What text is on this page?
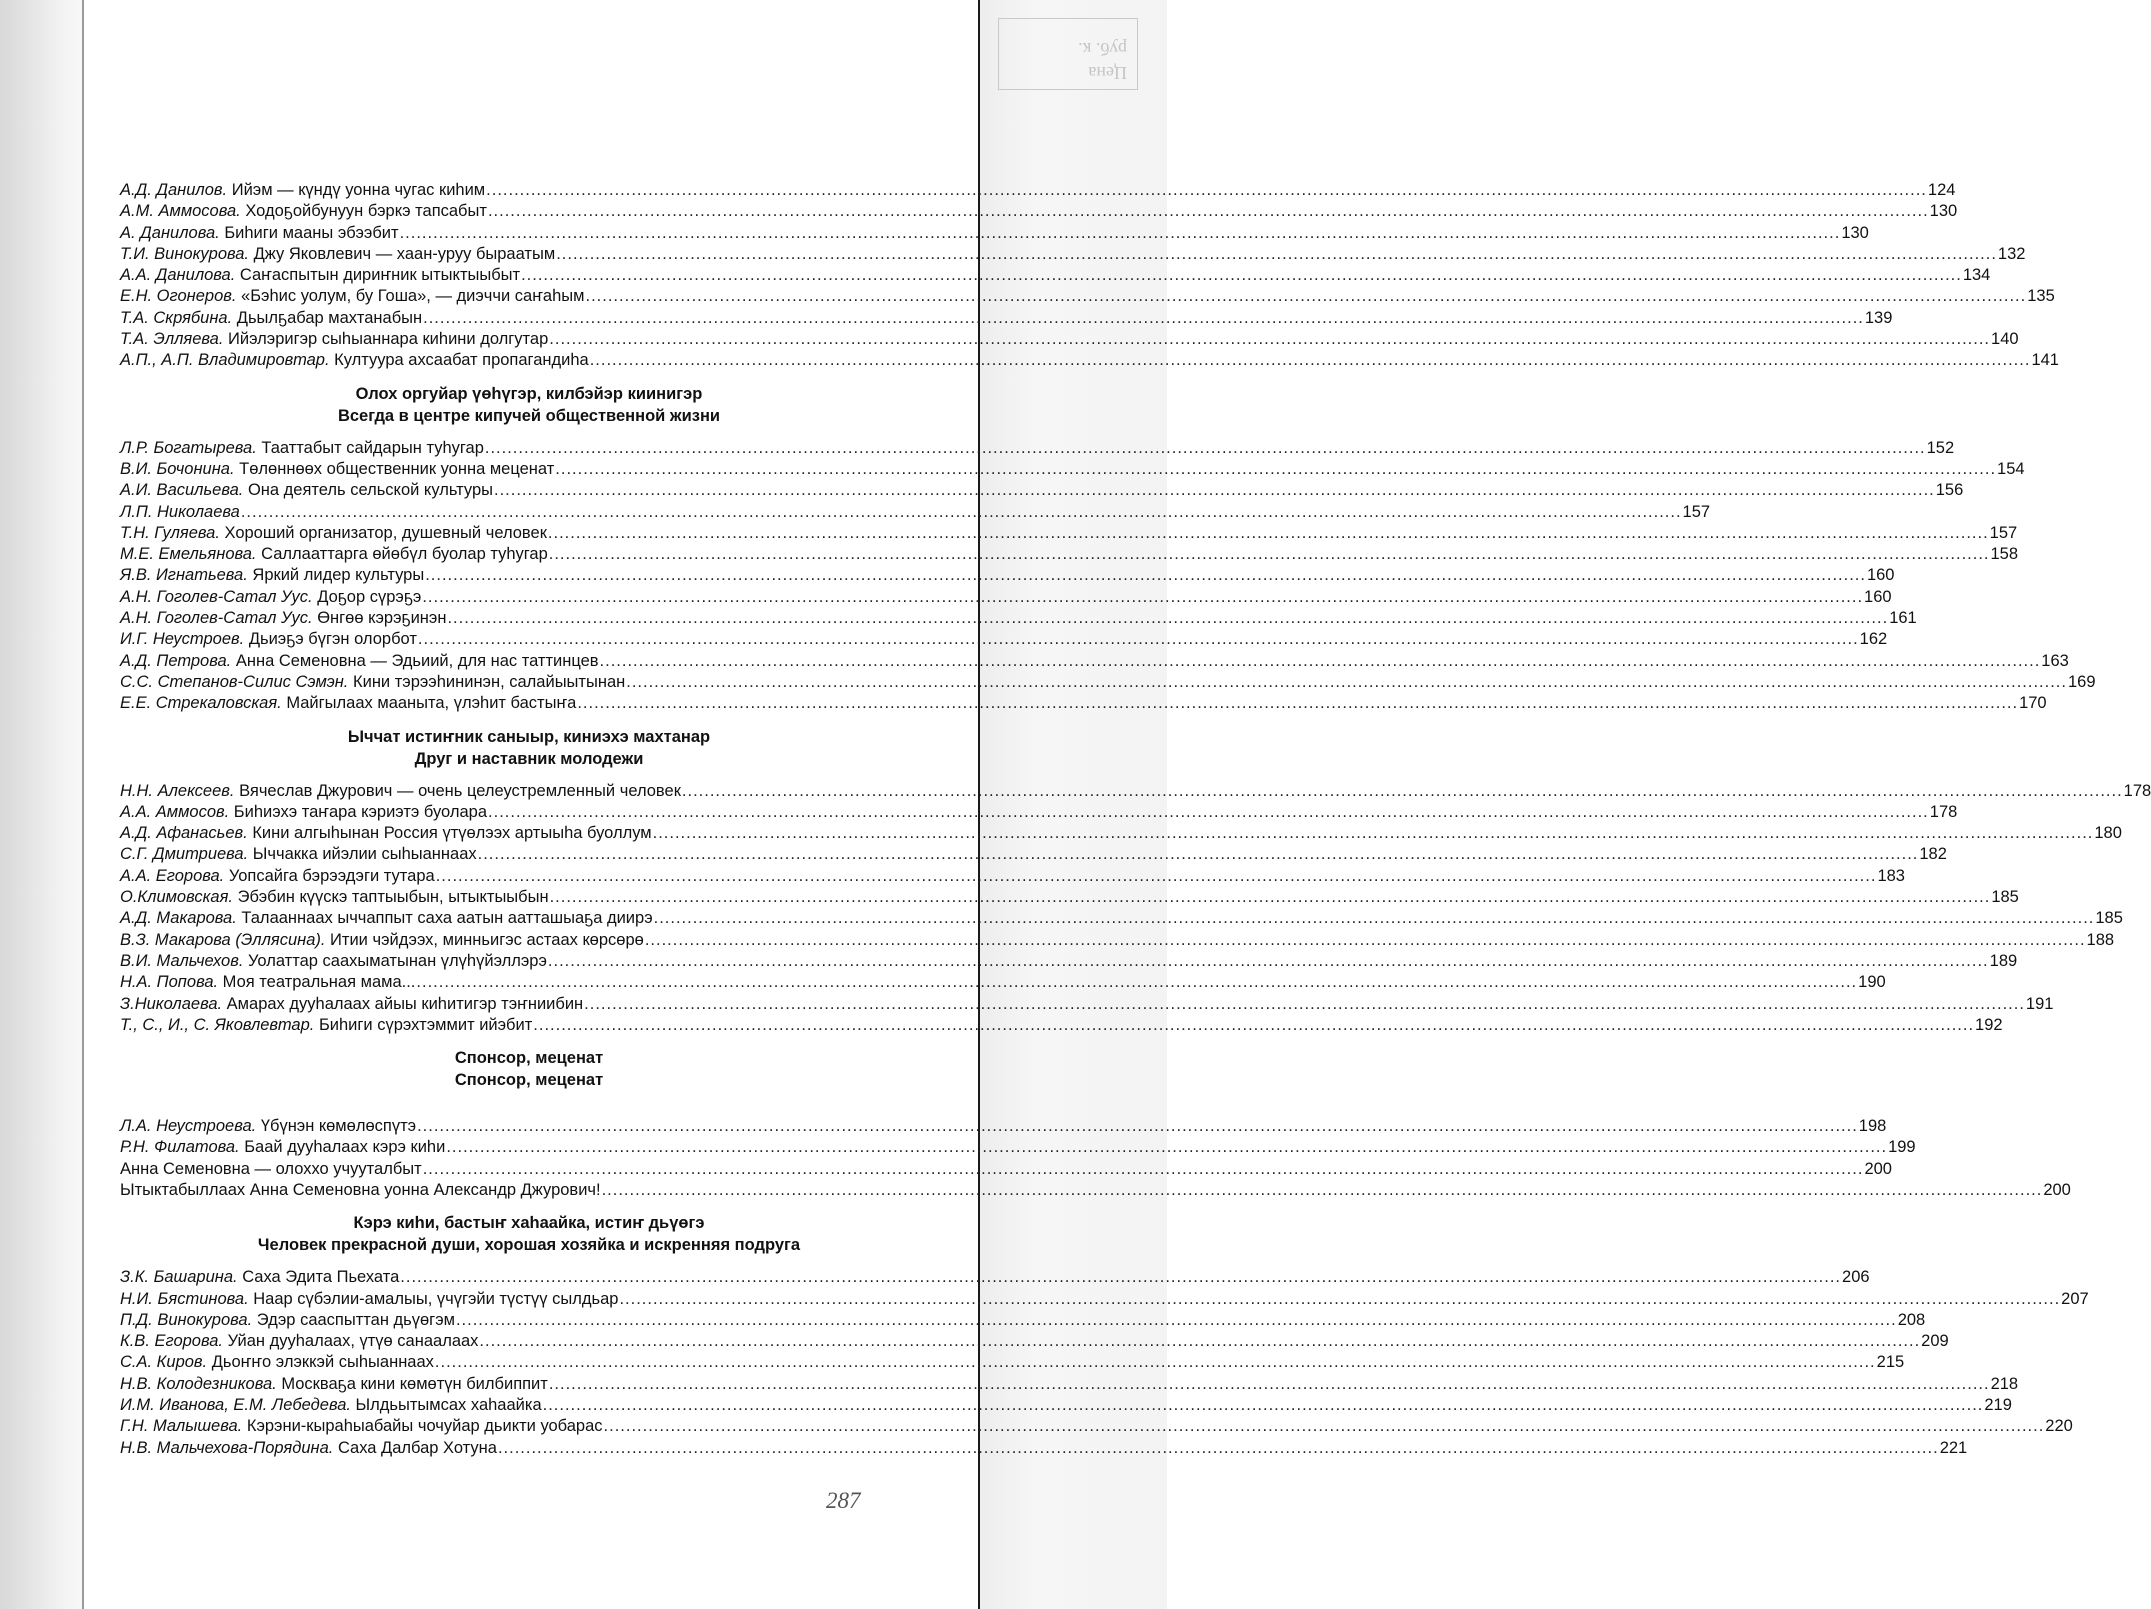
Цена
руб. к.
А.Д. Данилов. Ийэм — күндү уонна чугас киһим .....	124
А.М. Аммосова. Ходоҕойбунуун бэркэ тапсабыт .....	130
А. Данилова. Биһиги мааны эбээбит .....	130
Т.И. Винокурова. Джу Яковлевич — хаан-уруу быраатым .....	132
А.А. Данилова. Саҥаспытын дириҥник ытыктыыбыт .....	134
Е.Н. Огонеров. «Бэһис уолум, бу Гоша», — диэччи саҥаһым .....	135
Т.А. Скрябина. Дьылҕабар махтанабын .....	139
Т.А. Элляева. Ийэлэригэр сыһыаннара киһини долгутар .....	140
А.П., А.П. Владимировтар. Култуура ахсаабат пропагандиһа .....	141
Олох оргуйар үөһүгэр, килбэйэр киинигэр
Всегда в центре кипучей общественной жизни
Л.Р. Богатырева. Тааттабыт сайдарын туһугар .....	152
В.И. Бочонина. Төлөннөөх общественник уонна меценат .....	154
А.И. Васильева. Она деятель сельской культуры .....	156
Л.П. Николаева .....	157
Т.Н. Гуляева. Хороший организатор, душевный человек .....	157
М.Е. Емельянова. Саллааттарга өйөбүл буолар туһугар .....	158
Я.В. Игнатьева. Яркий лидер культуры .....	160
А.Н. Гоголев-Сатал Уус. Доҕор сүрэҕэ .....	160
А.Н. Гоголев-Сатал Уус. Өнгөө кэрэҕинэн .....	161
И.Г. Неустроев. Дьиэҕэ бүгэн олорбот .....	162
А.Д. Петрова. Анна Семеновна — Эдьиий, для нас таттинцев .....	163
С.С. Степанов-Силис Сэмэн. Кини тэрээһининэн, салайыытынан .....	169
Е.Е. Стрекаловская. Майгылаах мааныта, үлэһит бастыҥа .....	170
Ыччат истиҥник саныыр, киниэхэ махтанар
Друг и наставник молодежи
Н.Н. Алексеев. Вячеслав Джурович — очень целеустремленный человек .....	178
А.А. Аммосов. Биһиэхэ таҥара кэриэтэ буолара .....	178
А.Д. Афанасьев. Кини алгыһынан Россия үтүөлээх артыыһа буоллум .....	180
С.Г. Дмитриева. Ыччакка ийэлии сыһыаннаах .....	182
А.А. Егорова. Уопсайга бэрээдэги тутара .....	183
О.Климовская. Эбэбин күүскэ таптыыбын, ытыктыыбын .....	185
А.Д. Макарова. Талааннаах ыччаппыт саха аатын аатташыаҕа диирэ .....	185
В.З. Макарова (Эллясина). Итии чэйдээх, минньигэс астаах көрсөрө .....	188
В.И. Мальчехов. Уолаттар саахыматынан үлүһүйэллэрэ .....	189
Н.А. Попова. Моя театральная мама... .....	190
З.Николаева. Амарах дууһалаах айыы киһитигэр тэҥниибин .....	191
Т., С., И., С. Яковлевтар. Биһиги сүрэхтэммит ийэбит .....	192
Спонсор, меценат
Спонсор, меценат
Л.А. Неустроева. Үбүнэн көмөлөспүтэ .....	198
Р.Н. Филатова. Баай дууһалаах кэрэ киһи .....	199
Анна Семеновна — олоххо учууталбыт .....	200
Ытыктабыллаах Анна Семеновна уонна Александр Джурович! .....	200
Кэрэ киһи, бастыҥ хаһаайка, истиҥ дьүөгэ
Человек прекрасной души, хорошая хозяйка и искренняя подруга
З.К. Башарина. Саха Эдита Пьехата .....	206
Н.И. Бястинова. Наар сүбэлии-амалыы, үчүгэйи түстүү сылдьар .....	207
П.Д. Винокурова. Эдэр саaспыттан дьүөгэм .....	208
К.В. Егорова. Уйан дууһалаах, үтүө санаалаах .....	209
С.А. Киров. Дьоҥҥо элэккэй сыһыаннаах .....	215
Н.В. Колодезникова. Москваҕа кини көмөтүн билбиппит .....	218
И.М. Иванова, Е.М. Лебедева. Ылдьытымсах хаһаайка .....	219
Г.Н. Малышева. Кэрэни-кыраһыабайы чочуйар дьикти уобарас .....	220
Н.В. Мальчехова-Порядина. Саха Далбар Хотуна .....	221
287
